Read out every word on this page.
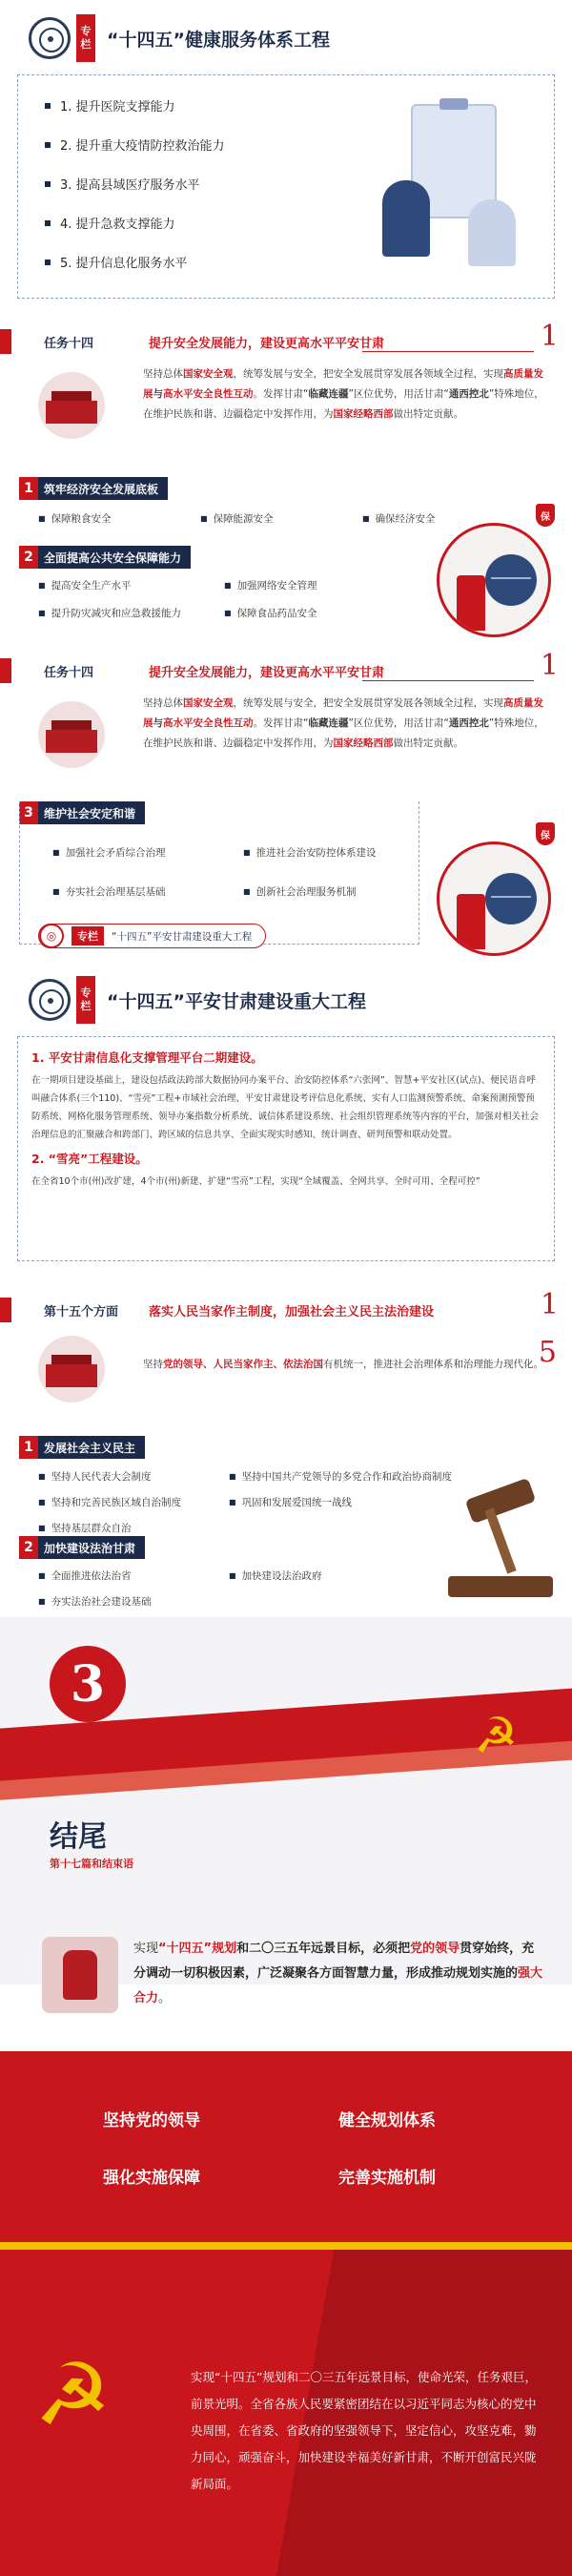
专
栏 “十四五”健康服务体系工程
1. 提升医院支撑能力
2. 提升重大疫情防控救治能力
3. 提高县域医疗服务水平
4. 提升急救支撑能力
5. 提升信息化服务水平
任务十四	提升安全发展能力，建设更高水平平安甘肃	1
坚持总体国家安全观，统筹发展与安全，把安全发展贯穿发展各领域全过程，实现高质量发展与高水平安全良性互动。发挥甘肃“临藏连疆”区位优势，用活甘肃“通西控北”特殊地位，在维护民族和谐、边疆稳定中发挥作用，为国家经略西部做出特定贡献。
1 筑牢经济安全发展底板
■ 保障粮食安全	■ 保障能源安全	■ 确保经济安全
2 全面提高公共安全保障能力
■ 提高安全生产水平	■ 加强网络安全管理
■ 提升防灾减灾和应急救援能力	■ 保障食品药品安全
保
任务十四	提升安全发展能力，建设更高水平平安甘肃	1
坚持总体国家安全观，统筹发展与安全，把安全发展贯穿发展各领域全过程，实现高质量发展与高水平安全良性互动。发挥甘肃“临藏连疆”区位优势，用活甘肃“通西控北”特殊地位，在维护民族和谐、边疆稳定中发挥作用，为国家经略西部做出特定贡献。
3 维护社会安定和谐
■ 加强社会矛盾综合治理	■ 推进社会治安防控体系建设
■ 夯实社会治理基层基础	■ 创新社会治理服务机制
◎	专栏	“十四五”平安甘肃建设重大工程
保
专
栏 “十四五”平安甘肃建设重大工程
1. 平安甘肃信息化支撑管理平台二期建设。

在一期项目建设基础上，建设包括政法跨部大数据协同办案平台、治安防控体系“六张网”、智慧+平安社区(试点)、便民语音呼叫融合体系(三个110)、“雪亮”工程+市域社会治理、平安甘肃建设考评信息化系统、实有人口监测预警系统、命案预测预警预防系统、网格化服务管理系统、领导办案指数分析系统、诚信体系建设系统、社会组织管理系统等内容的平台，加强对相关社会治理信息的汇聚融合和跨部门、跨区域的信息共享、全面实现实时感知、统计调查、研判预警和联动处置。

2. “雪亮”工程建设。

在全省10个市(州)改扩建，4个市(州)新建、扩建“雪亮”工程，实现“全域覆盖、全网共享、全时可用、全程可控”

第十五个方面	落实人民当家作主制度，加强社会主义民主法治建设	1
5
坚持党的领导、人民当家作主、依法治国有机统一，推进社会治理体系和治理能力现代化。
1 发展社会主义民主
■ 坚持人民代表大会制度	■ 坚持中国共产党领导的多党合作和政治协商制度
■ 坚持和完善民族区域自治制度	■ 巩固和发展爱国统一战线
■ 坚持基层群众自治
2 加快建设法治甘肃
■ 全面推进依法治省	■ 加快建设法治政府
■ 夯实法治社会建设基础
3
☭
结尾
第十七篇和结束语
实现“十四五”规划和二〇三五年远景目标，必须把党的领导贯穿始终，充分调动一切积极因素，广泛凝聚各方面智慧力量，形成推动规划实施的强大合力。
坚持党的领导	健全规划体系
强化实施保障	完善实施机制
☭	实现“十四五”规划和二〇三五年远景目标，使命光荣，任务艰巨，前景光明。全省各族人民要紧密团结在以习近平同志为核心的党中央周围，在省委、省政府的坚强领导下，坚定信心，攻坚克难，勠力同心，顽强奋斗，加快建设幸福美好新甘肃，不断开创富民兴陇新局面。
